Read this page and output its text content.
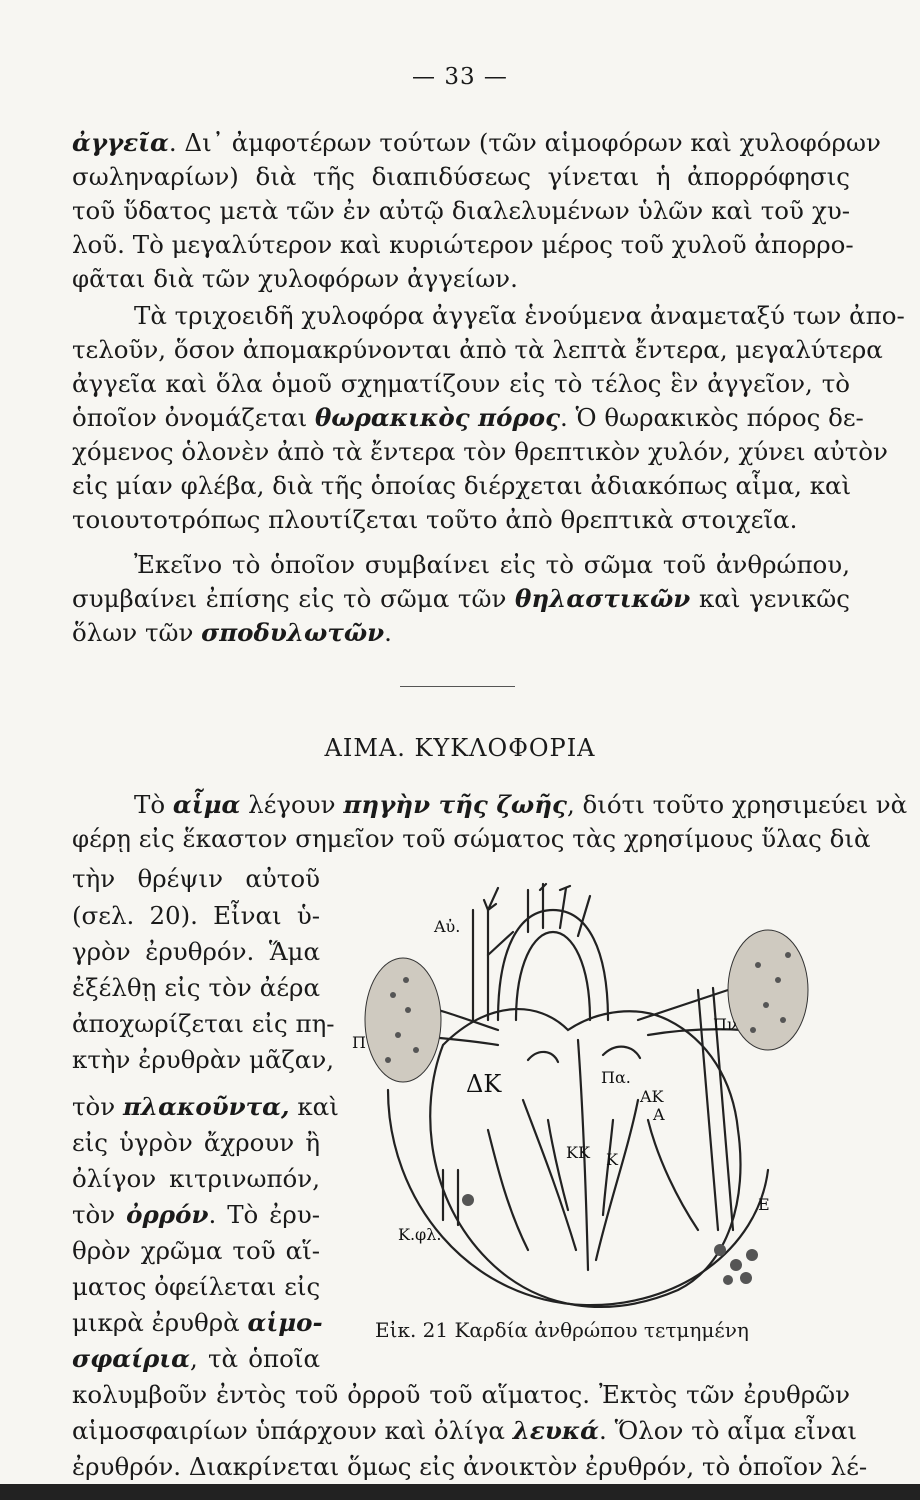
— 33 —
ἀγγεῖα. Δι᾿ ἀμφοτέρων τούτων (τῶν αἱμοφόρων καὶ χυλοφόρων
σωληναρίων) διὰ τῆς διαπιδύσεως γίνεται ἡ ἀπορρόφησις
τοῦ ὕδατος μετὰ τῶν ἐν αὐτῷ διαλελυμένων ὑλῶν καὶ τοῦ χυ-
λοῦ. Τὸ μεγαλύτερον καὶ κυριώτερον μέρος τοῦ χυλοῦ ἀπορρο-
φᾶται διὰ τῶν χυλοφόρων ἀγγείων.
Τὰ τριχοειδῆ χυλοφόρα ἀγγεῖα ἑνούμενα ἀναμεταξύ των ἀπο-
τελοῦν, ὅσον ἀπομακρύνονται ἀπὸ τὰ λεπτὰ ἔντερα, μεγαλύτερα
ἀγγεῖα καὶ ὅλα ὁμοῦ σχηματίζουν εἰς τὸ τέλος ἓν ἀγγεῖον, τὸ
ὁποῖον ὀνομάζεται θωρακικὸς πόρος. Ὁ θωρακικὸς πόρος δε-
χόμενος ὁλονὲν ἀπὸ τὰ ἔντερα τὸν θρεπτικὸν χυλόν, χύνει αὐτὸν
εἰς μίαν φλέβα, διὰ τῆς ὁποίας διέρχεται ἀδιακόπως αἷμα, καὶ
τοιουτοτρόπως πλουτίζεται τοῦτο ἀπὸ θρεπτικὰ στοιχεῖα.
Ἐκεῖνο τὸ ὁποῖον συμβαίνει εἰς τὸ σῶμα τοῦ ἀνθρώπου,
συμβαίνει ἐπίσης εἰς τὸ σῶμα τῶν θηλαστικῶν καὶ γενικῶς
ὅλων τῶν σποδυλωτῶν.
ΑΙΜΑ. ΚΥΚΛΟΦΟΡΙΑ
Τὸ αἷμα λέγουν πηγὴν τῆς ζωῆς, διότι τοῦτο χρησιμεύει νὰ
φέρῃ εἰς ἕκαστον σημεῖον τοῦ σώματος τὰς χρησίμους ὕλας διὰ
τὴν θρέψιν αὐτοῦ
(σελ. 20). Εἶναι ὑ-
γρὸν ἐρυθρόν. Ἅμα
ἐξέλθῃ εἰς τὸν ἀέρα
ἀποχωρίζεται εἰς πη-
κτὴν ἐρυθρὰν μᾶζαν,
τὸν πλακοῦντα, καὶ
εἰς ὑγρὸν ἄχρουν ἢ
ὀλίγον κιτρινωπόν,
τὸν ὀρρόν. Τὸ ἐρυ-
θρὸν χρῶμα τοῦ αἵ-
ματος ὀφείλεται εἰς
μικρὰ ἐρυθρὰ αἱμο-
σφαίρια, τὰ ὁποῖα
κολυμβοῦν ἐντὸς τοῦ ὀρροῦ τοῦ αἵματος. Ἐκτὸς τῶν ἐρυθρῶν
αἱμοσφαιρίων ὑπάρχουν καὶ ὀλίγα λευκά. Ὅλον τὸ αἷμα εἶναι
ἐρυθρόν. Διακρίνεται ὅμως εἰς ἀνοικτὸν ἐρυθρόν, τὸ ὁποῖον λέ-
Αὐ.
Π
Πν
ΔΚ	Πα.
ΑΚ
ΚΚ Κ
Κ.φλ.
Α
Ε
Εἰκ. 21 Καρδία ἀνθρώπου τετμημένη
